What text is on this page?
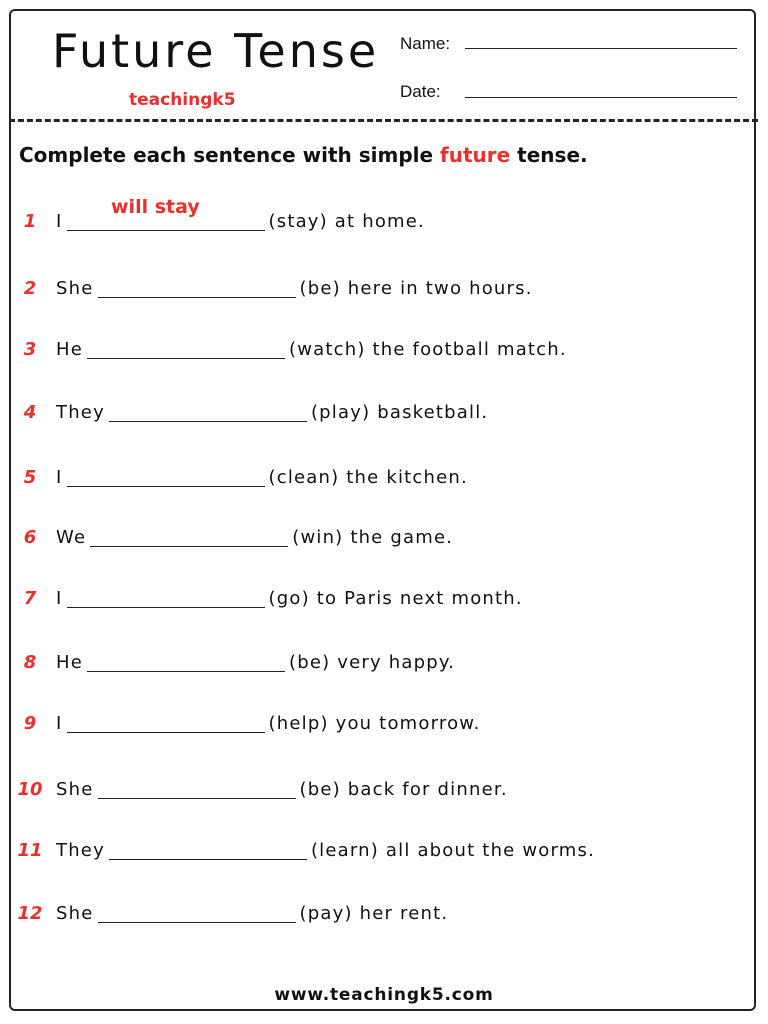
Future Tense
teachingk5
Name:
Date:
Complete each sentence with simple future tense.
will stay
1	I	(stay) at home.
2	She	(be) here in two hours.
3	He	(watch) the football match.
4	They	(play) basketball.
5	I	(clean) the kitchen.
6	We	(win) the game.
7	I	(go) to Paris next month.
8	He	(be) very happy.
9	I	(help) you tomorrow.
10 She	(be) back for dinner.
11 They	(learn) all about the worms.
12 She	(pay) her rent.
www.teachingk5.com
